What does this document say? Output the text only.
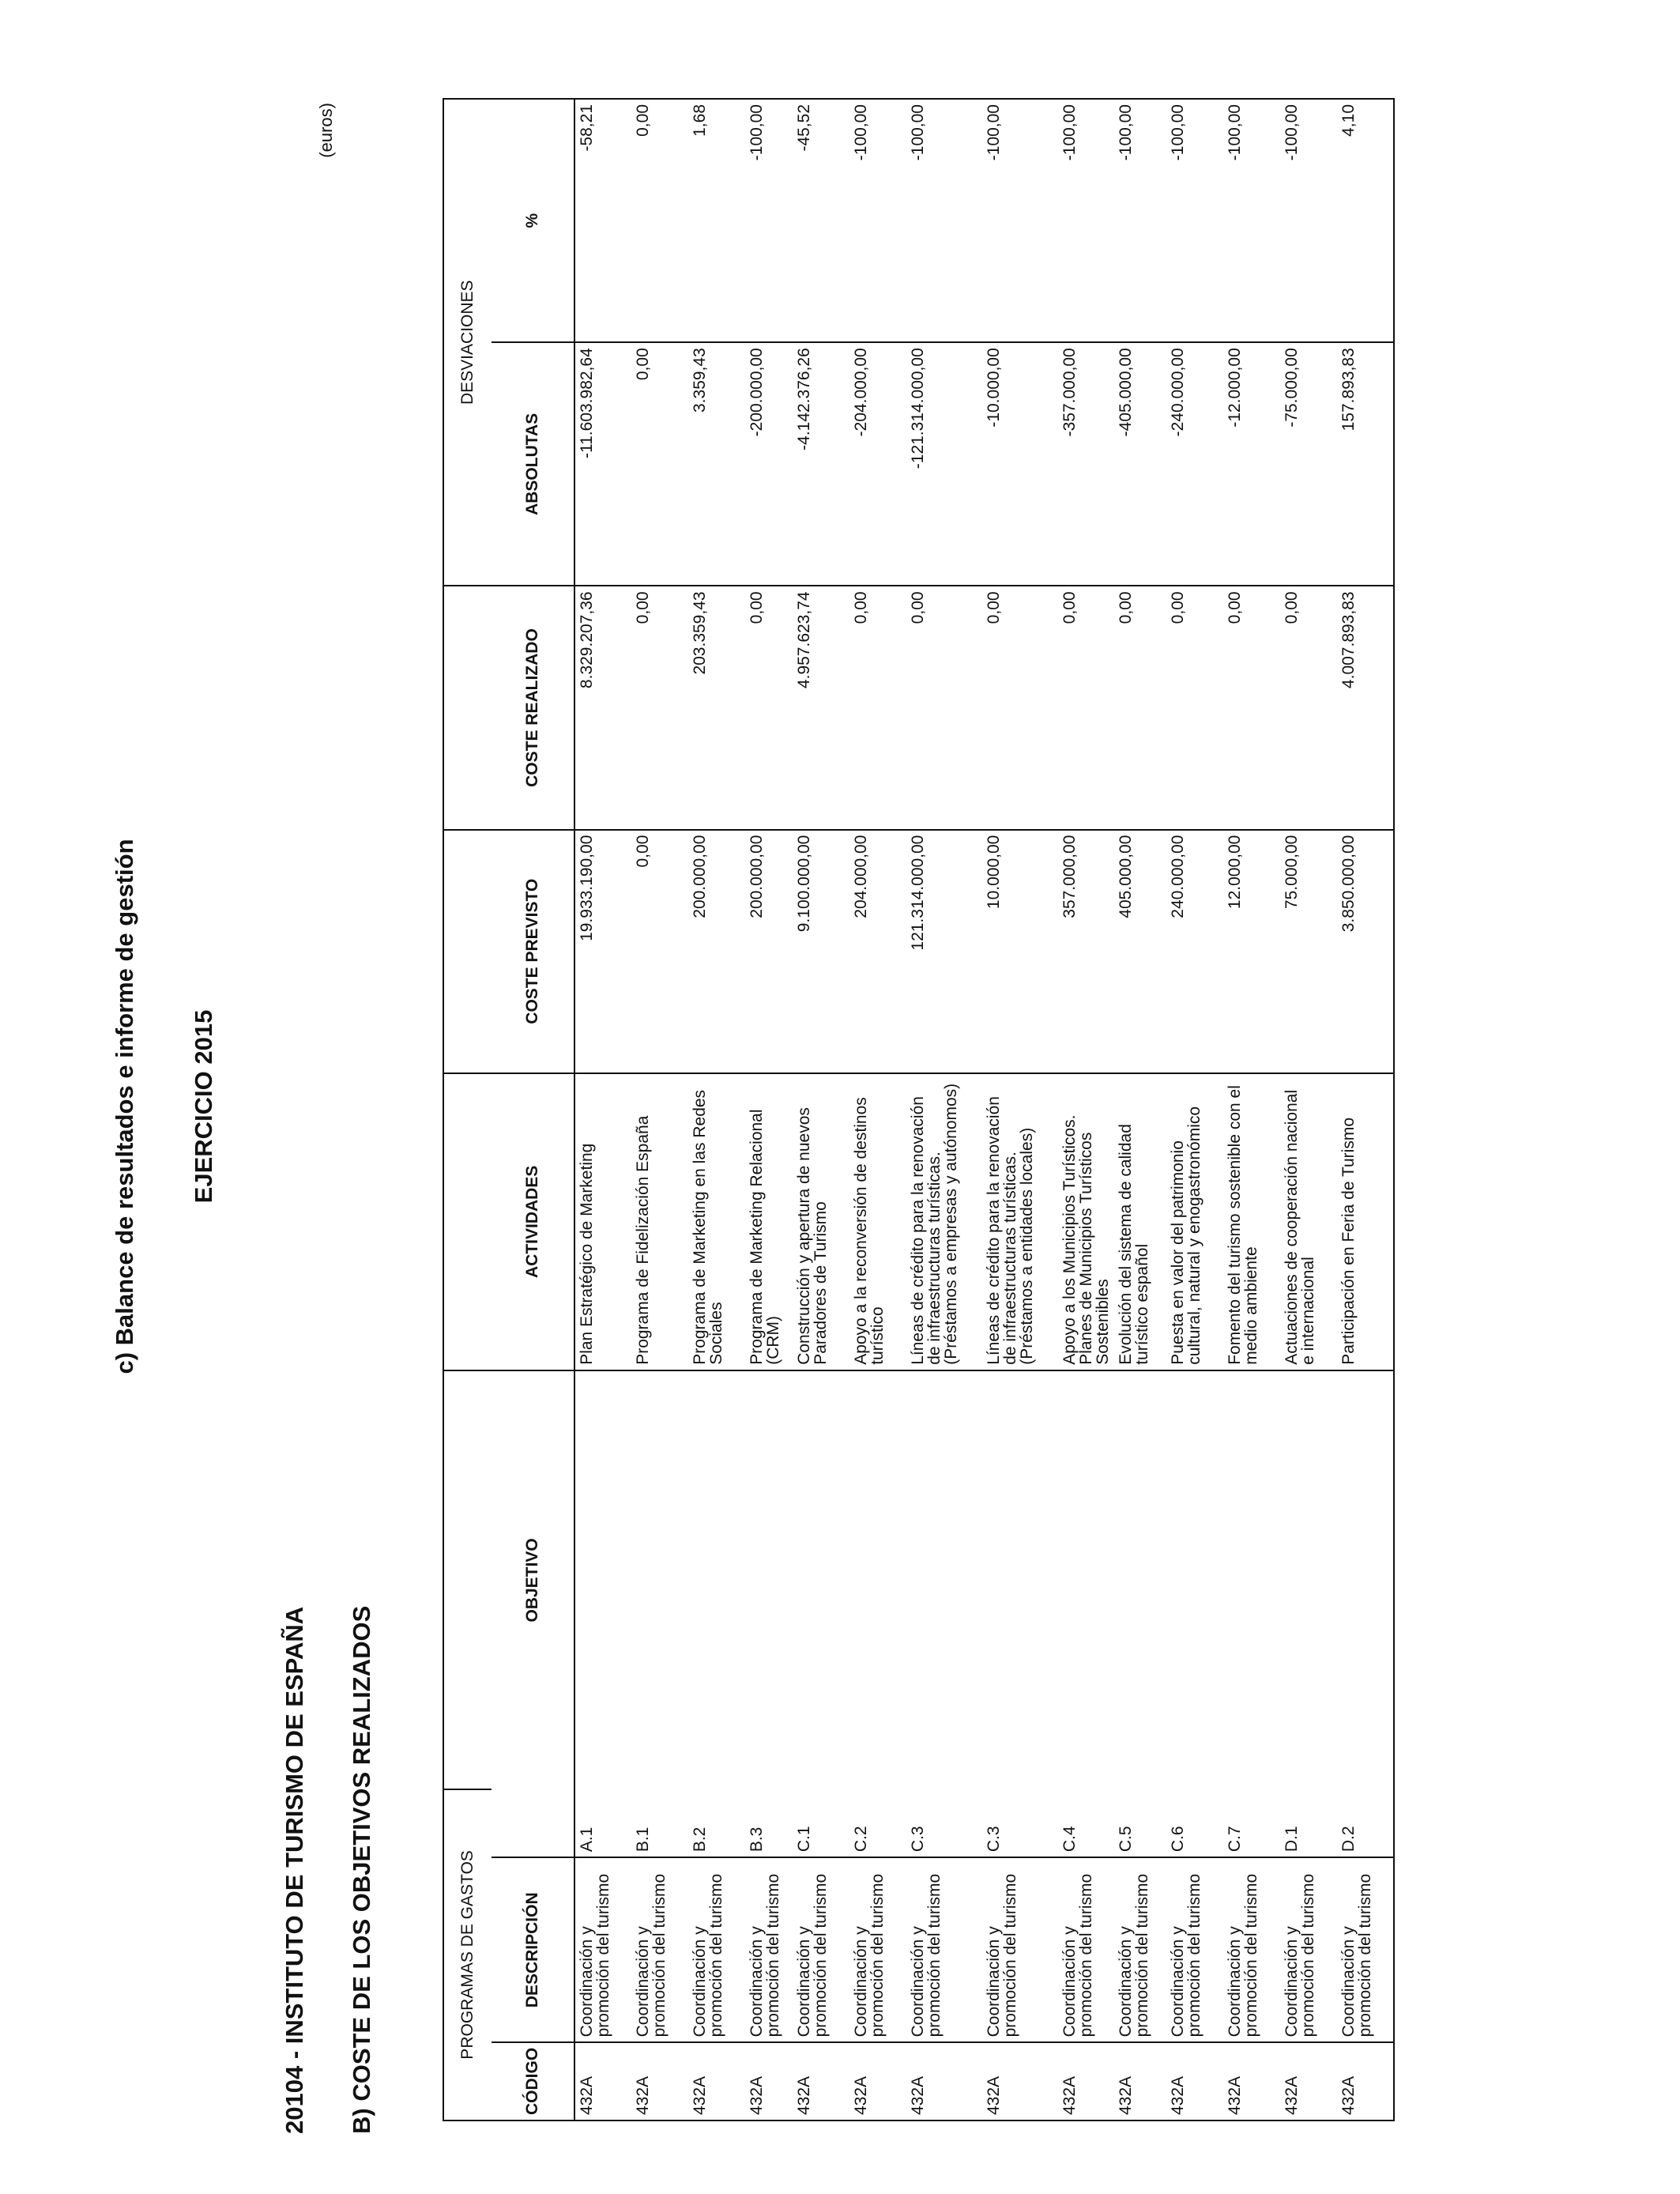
c) Balance de resultados e informe de gestión EJERCICIO 2015
20104 - INSTITUTO DE TURISMO DE ESPAÑA B) COSTE DE LOS OBJETIVOS REALIZADOS
(euros)
PROGRAMAS DE GASTOS							DESVIACIONES	
CÓDIGO	DESCRIPCIÓN		OBJETIVO	ACTIVIDADES	COSTE PREVISTO	COSTE REALIZADO	ABSOLUTAS	%
432A	Coordinación y promoción del turismo	A.1		Plan Estratégico de Marketing	19.933.190,00	8.329.207,36	-11.603.982,64	-58,21
432A	Coordinación y promoción del turismo	B.1		Programa de Fidelización España	0,00	0,00	0,00	0,00
432A	Coordinación y promoción del turismo	B.2		Programa de Marketing en las Redes Sociales	200.000,00	203.359,43	3.359,43	1,68
432A	Coordinación y promoción del turismo	B.3		Programa de Marketing Relacional (CRM)	200.000,00	0,00	-200.000,00	-100,00
432A	Coordinación y promoción del turismo	C.1		Construcción y apertura de nuevos Paradores de Turismo	9.100.000,00	4.957.623,74	-4.142.376,26	-45,52
432A	Coordinación y promoción del turismo	C.2		Apoyo a la reconversión de destinos turístico	204.000,00	0,00	-204.000,00	-100,00
432A	Coordinación y promoción del turismo	C.3		Líneas de crédito para la renovación de infraestructuras turísticas. (Préstamos a empresas y autónomos)	121.314.000,00	0,00	-121.314.000,00	-100,00
432A	Coordinación y promoción del turismo	C.3		Líneas de crédito para la renovación de infraestructuras turísticas. (Préstamos a entidades locales)	10.000,00	0,00	-10.000,00	-100,00
432A	Coordinación y promoción del turismo	C.4		Apoyo a los Municipios Turísticos. Planes de Municipios Turísticos Sostenibles	357.000,00	0,00	-357.000,00	-100,00
432A	Coordinación y promoción del turismo	C.5		Evolución del sistema de calidad turístico español	405.000,00	0,00	-405.000,00	-100,00
432A	Coordinación y promoción del turismo	C.6		Puesta en valor del patrimonio cultural, natural y enogastronómico	240.000,00	0,00	-240.000,00	-100,00
432A	Coordinación y promoción del turismo	C.7		Fomento del turismo sostenible con el medio ambiente	12.000,00	0,00	-12.000,00	-100,00
432A	Coordinación y promoción del turismo	D.1		Actuaciones de cooperación nacional e internacional	75.000,00	0,00	-75.000,00	-100,00
432A	Coordinación y promoción del turismo	D.2		Participación en Feria de Turismo	3.850.000,00	4.007.893,83	157.893,83	4,10
